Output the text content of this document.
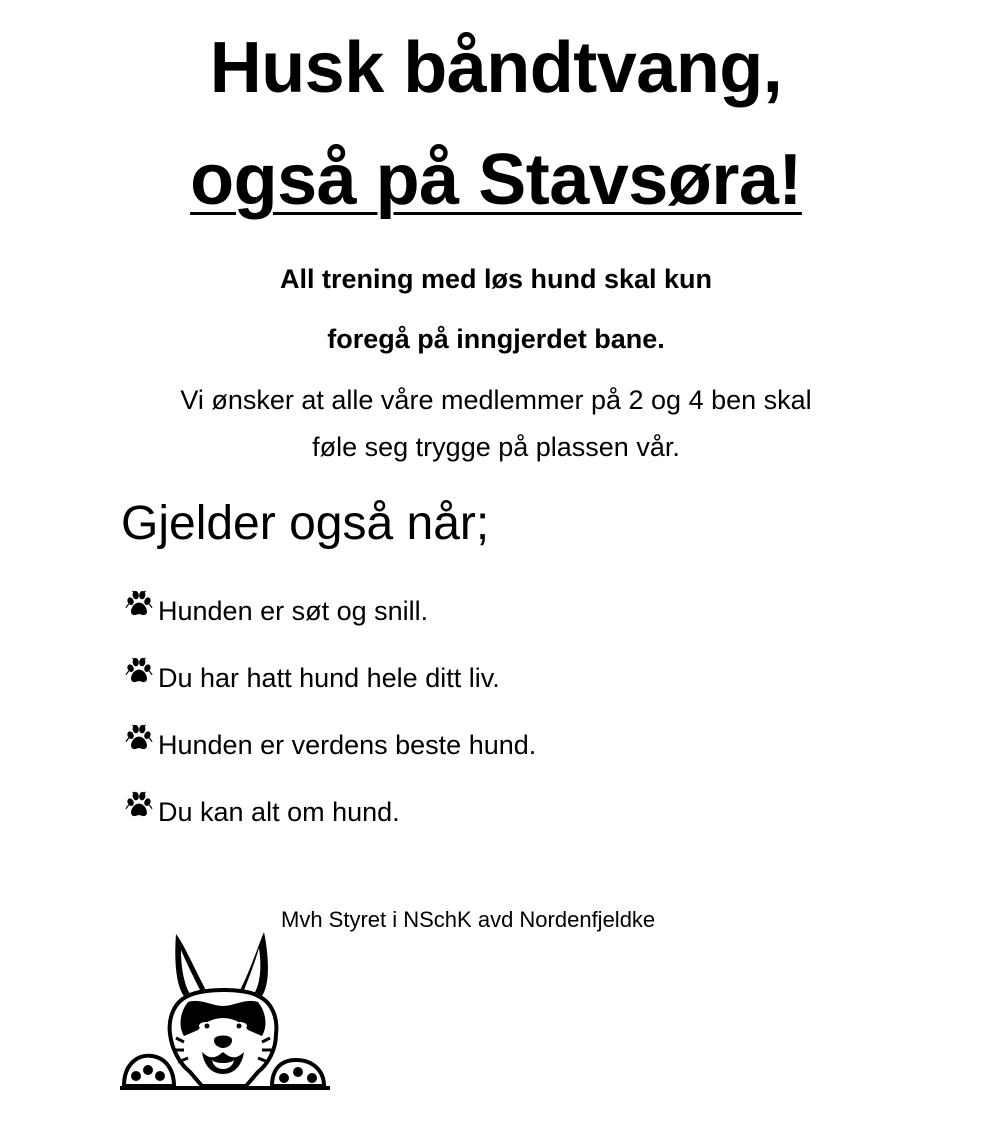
Husk båndtvang,
også på Stavsøra!

All trening med løs hund skal kun

foregå på inngjerdet bane.

Vi ønsker at alle våre medlemmer på 2 og 4 ben skal
føle seg trygge på plassen vår.
Gjelder også når;
Hunden er søt og snill.
Du har hatt hund hele ditt liv.
Hunden er verdens beste hund.
Du kan alt om hund.

Mvh Styret i NSchK avd Nordenfjeldke
